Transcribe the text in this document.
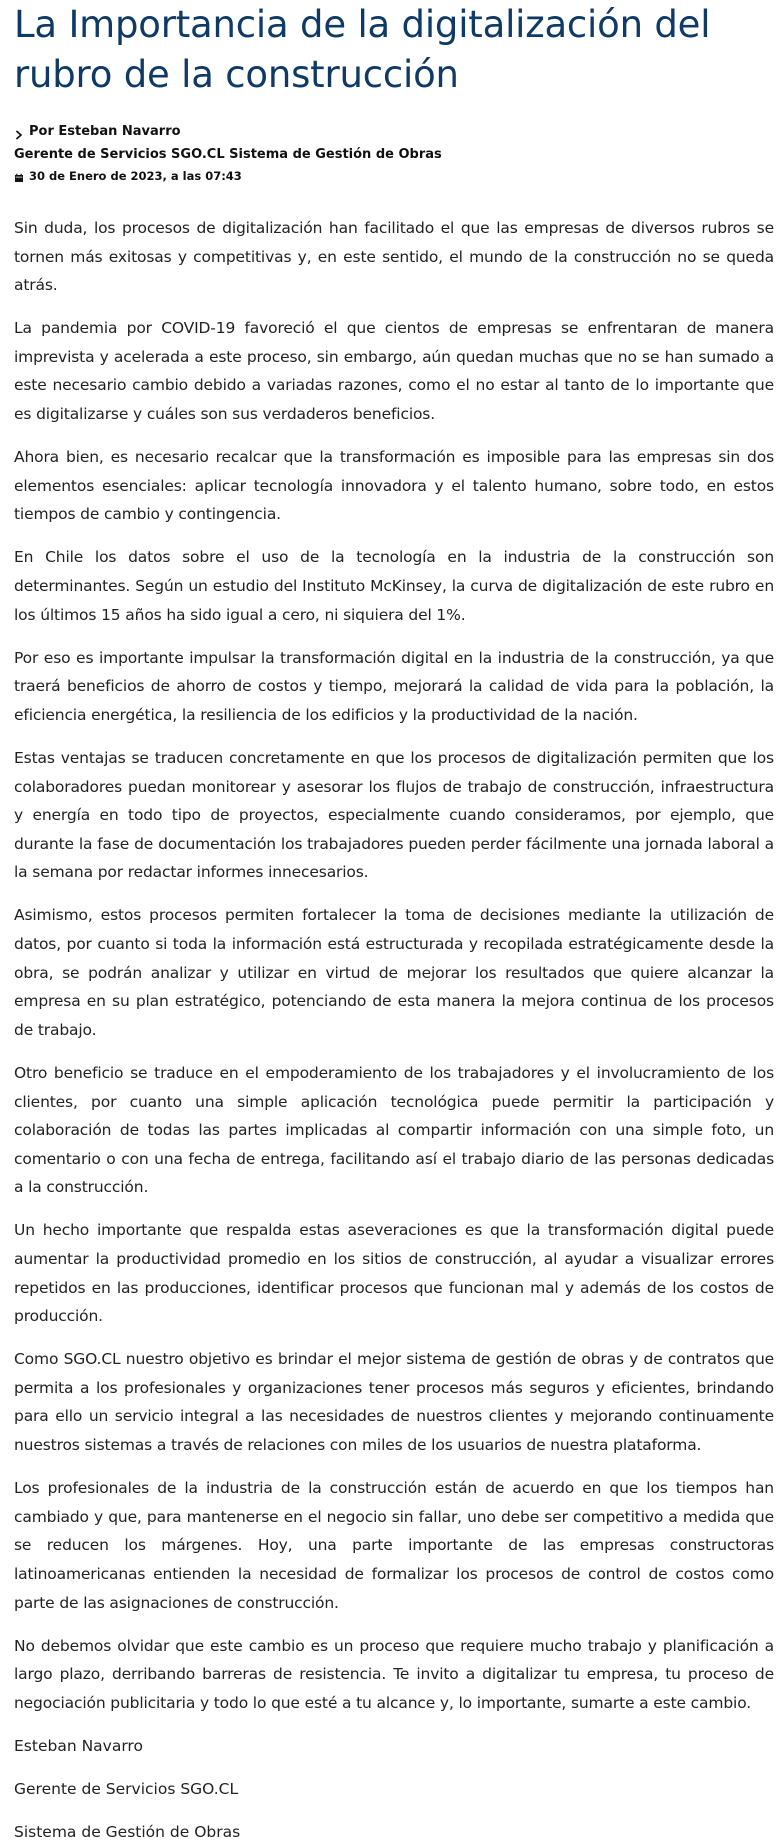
La Importancia de la digitalización del rubro de la construcción
Por Esteban Navarro
Gerente de Servicios SGO.CL Sistema de Gestión de Obras
30 de Enero de 2023, a las 07:43

Sin duda, los procesos de digitalización han facilitado el que las empresas de diversos rubros se tornen más exitosas y competitivas y, en este sentido, el mundo de la construcción no se queda atrás.

La pandemia por COVID-19 favoreció el que cientos de empresas se enfrentaran de manera imprevista y acelerada a este proceso, sin embargo, aún quedan muchas que no se han sumado a este necesario cambio debido a variadas razones, como el no estar al tanto de lo importante que es digitalizarse y cuáles son sus verdaderos beneficios.

Ahora bien, es necesario recalcar que la transformación es imposible para las empresas sin dos elementos esenciales: aplicar tecnología innovadora y el talento humano, sobre todo, en estos tiempos de cambio y contingencia.

En Chile los datos sobre el uso de la tecnología en la industria de la construcción son determinantes. Según un estudio del Instituto McKinsey, la curva de digitalización de este rubro en los últimos 15 años ha sido igual a cero, ni siquiera del 1%.

Por eso es importante impulsar la transformación digital en la industria de la construcción, ya que traerá beneficios de ahorro de costos y tiempo, mejorará la calidad de vida para la población, la eficiencia energética, la resiliencia de los edificios y la productividad de la nación.

Estas ventajas se traducen concretamente en que los procesos de digitalización permiten que los colaboradores puedan monitorear y asesorar los flujos de trabajo de construcción, infraestructura y energía en todo tipo de proyectos, especialmente cuando consideramos, por ejemplo, que durante la fase de documentación los trabajadores pueden perder fácilmente una jornada laboral a la semana por redactar informes innecesarios.

Asimismo, estos procesos permiten fortalecer la toma de decisiones mediante la utilización de datos, por cuanto si toda la información está estructurada y recopilada estratégicamente desde la obra, se podrán analizar y utilizar en virtud de mejorar los resultados que quiere alcanzar la empresa en su plan estratégico, potenciando de esta manera la mejora continua de los procesos de trabajo.

Otro beneficio se traduce en el empoderamiento de los trabajadores y el involucramiento de los clientes, por cuanto una simple aplicación tecnológica puede permitir la participación y colaboración de todas las partes implicadas al compartir información con una simple foto, un comentario o con una fecha de entrega, facilitando así el trabajo diario de las personas dedicadas a la construcción.

Un hecho importante que respalda estas aseveraciones es que la transformación digital puede aumentar la productividad promedio en los sitios de construcción, al ayudar a visualizar errores repetidos en las producciones, identificar procesos que funcionan mal y además de los costos de producción.

Como SGO.CL nuestro objetivo es brindar el mejor sistema de gestión de obras y de contratos que permita a los profesionales y organizaciones tener procesos más seguros y eficientes, brindando para ello un servicio integral a las necesidades de nuestros clientes y mejorando continuamente nuestros sistemas a través de relaciones con miles de los usuarios de nuestra plataforma.

Los profesionales de la industria de la construcción están de acuerdo en que los tiempos han cambiado y que, para mantenerse en el negocio sin fallar, uno debe ser competitivo a medida que se reducen los márgenes. Hoy, una parte importante de las empresas constructoras latinoamericanas entienden la necesidad de formalizar los procesos de control de costos como parte de las asignaciones de construcción.

No debemos olvidar que este cambio es un proceso que requiere mucho trabajo y planificación a largo plazo, derribando barreras de resistencia. Te invito a digitalizar tu empresa, tu proceso de negociación publicitaria y todo lo que esté a tu alcance y, lo importante, sumarte a este cambio.

Esteban Navarro

Gerente de Servicios SGO.CL

Sistema de Gestión de Obras
